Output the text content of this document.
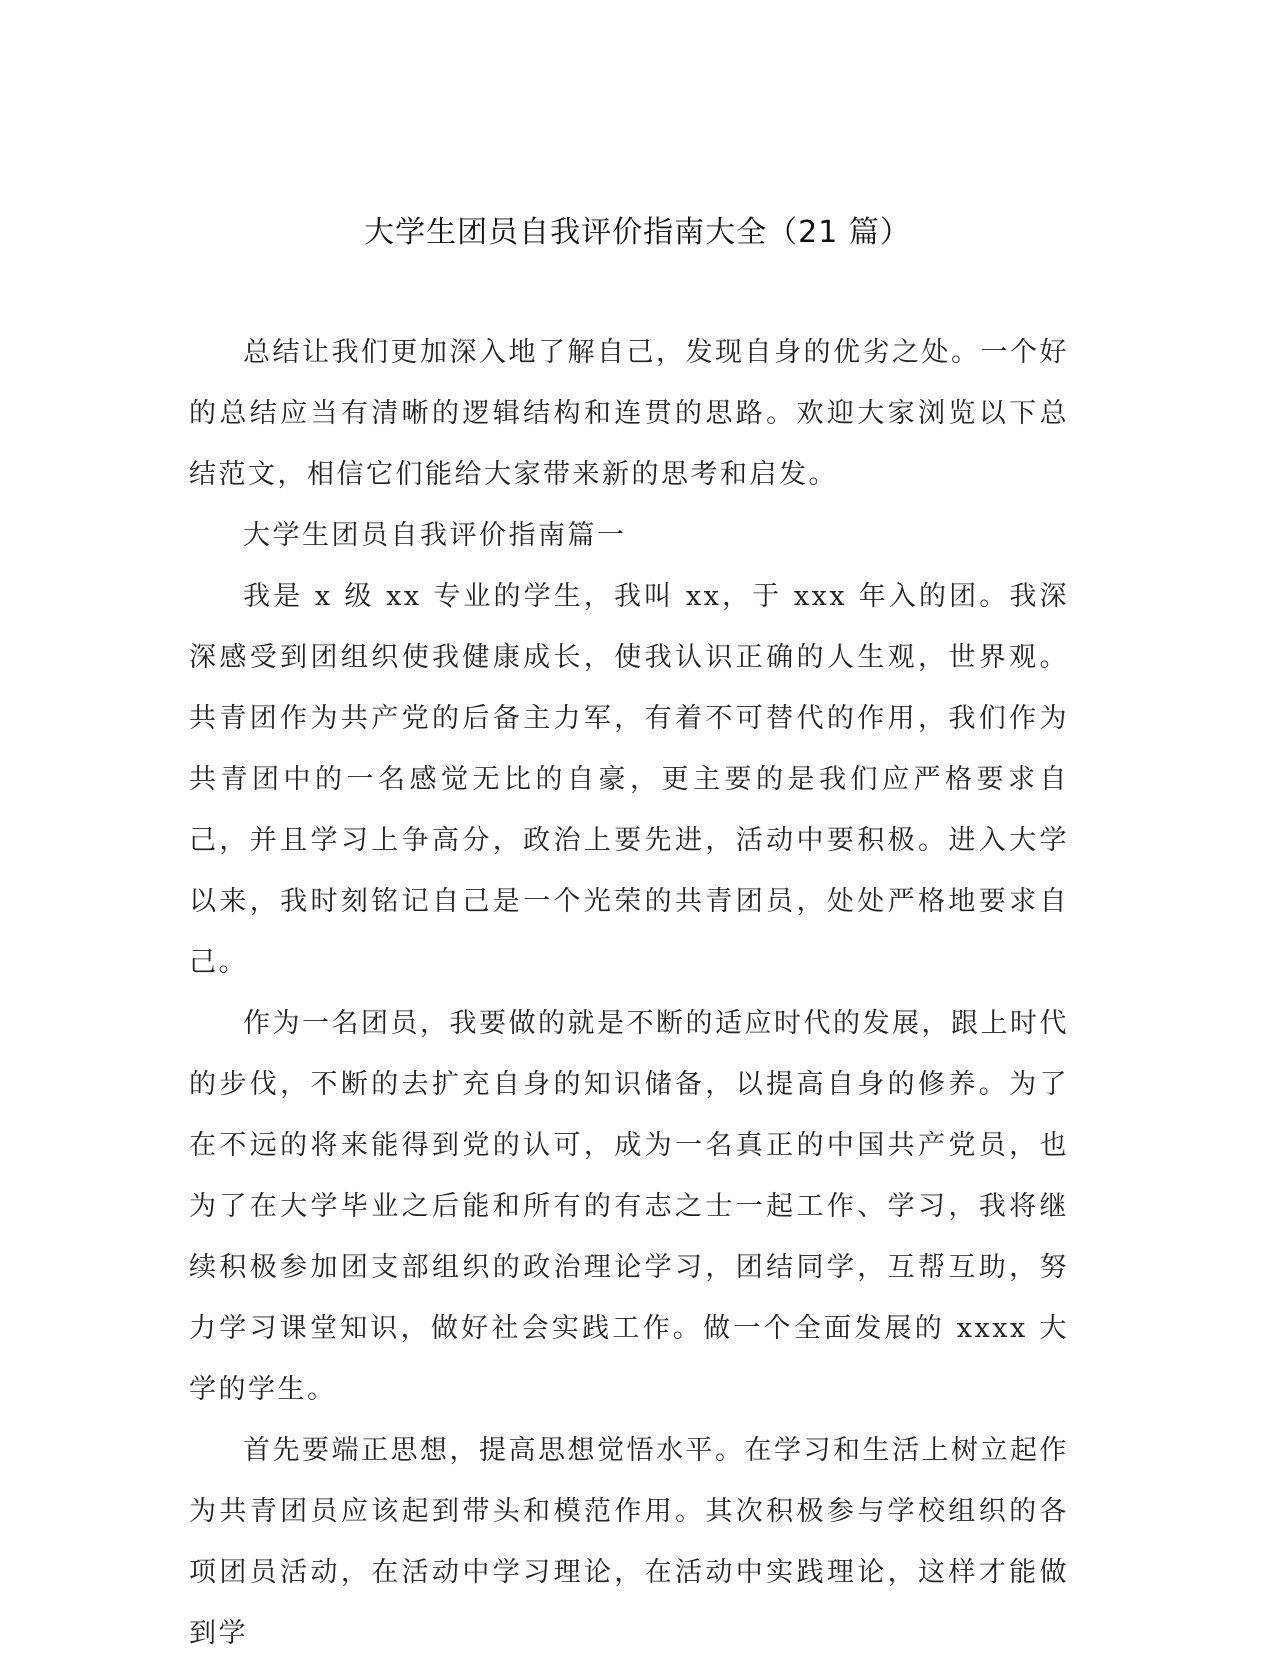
大学生团员自我评价指南大全（21 篇）

总结让我们更加深入地了解自己，发现自身的优劣之处。一个好的总结应当有清晰的逻辑结构和连贯的思路。欢迎大家浏览以下总结范文，相信它们能给大家带来新的思考和启发。

大学生团员自我评价指南篇一

我是 x 级 xx 专业的学生，我叫 xx，于 xxx 年入的团。我深深感受到团组织使我健康成长，使我认识正确的人生观，世界观。共青团作为共产党的后备主力军，有着不可替代的作用，我们作为共青团中的一名感觉无比的自豪，更主要的是我们应严格要求自己，并且学习上争高分，政治上要先进，活动中要积极。进入大学以来，我时刻铭记自己是一个光荣的共青团员，处处严格地要求自己。

作为一名团员，我要做的就是不断的适应时代的发展，跟上时代的步伐，不断的去扩充自身的知识储备，以提高自身的修养。为了在不远的将来能得到党的认可，成为一名真正的中国共产党员，也为了在大学毕业之后能和所有的有志之士一起工作、学习，我将继续积极参加团支部组织的政治理论学习，团结同学，互帮互助，努力学习课堂知识，做好社会实践工作。做一个全面发展的 xxxx 大学的学生。

首先要端正思想，提高思想觉悟水平。在学习和生活上树立起作为共青团员应该起到带头和模范作用。其次积极参与学校组织的各项团员活动，在活动中学习理论，在活动中实践理论，这样才能做到学
